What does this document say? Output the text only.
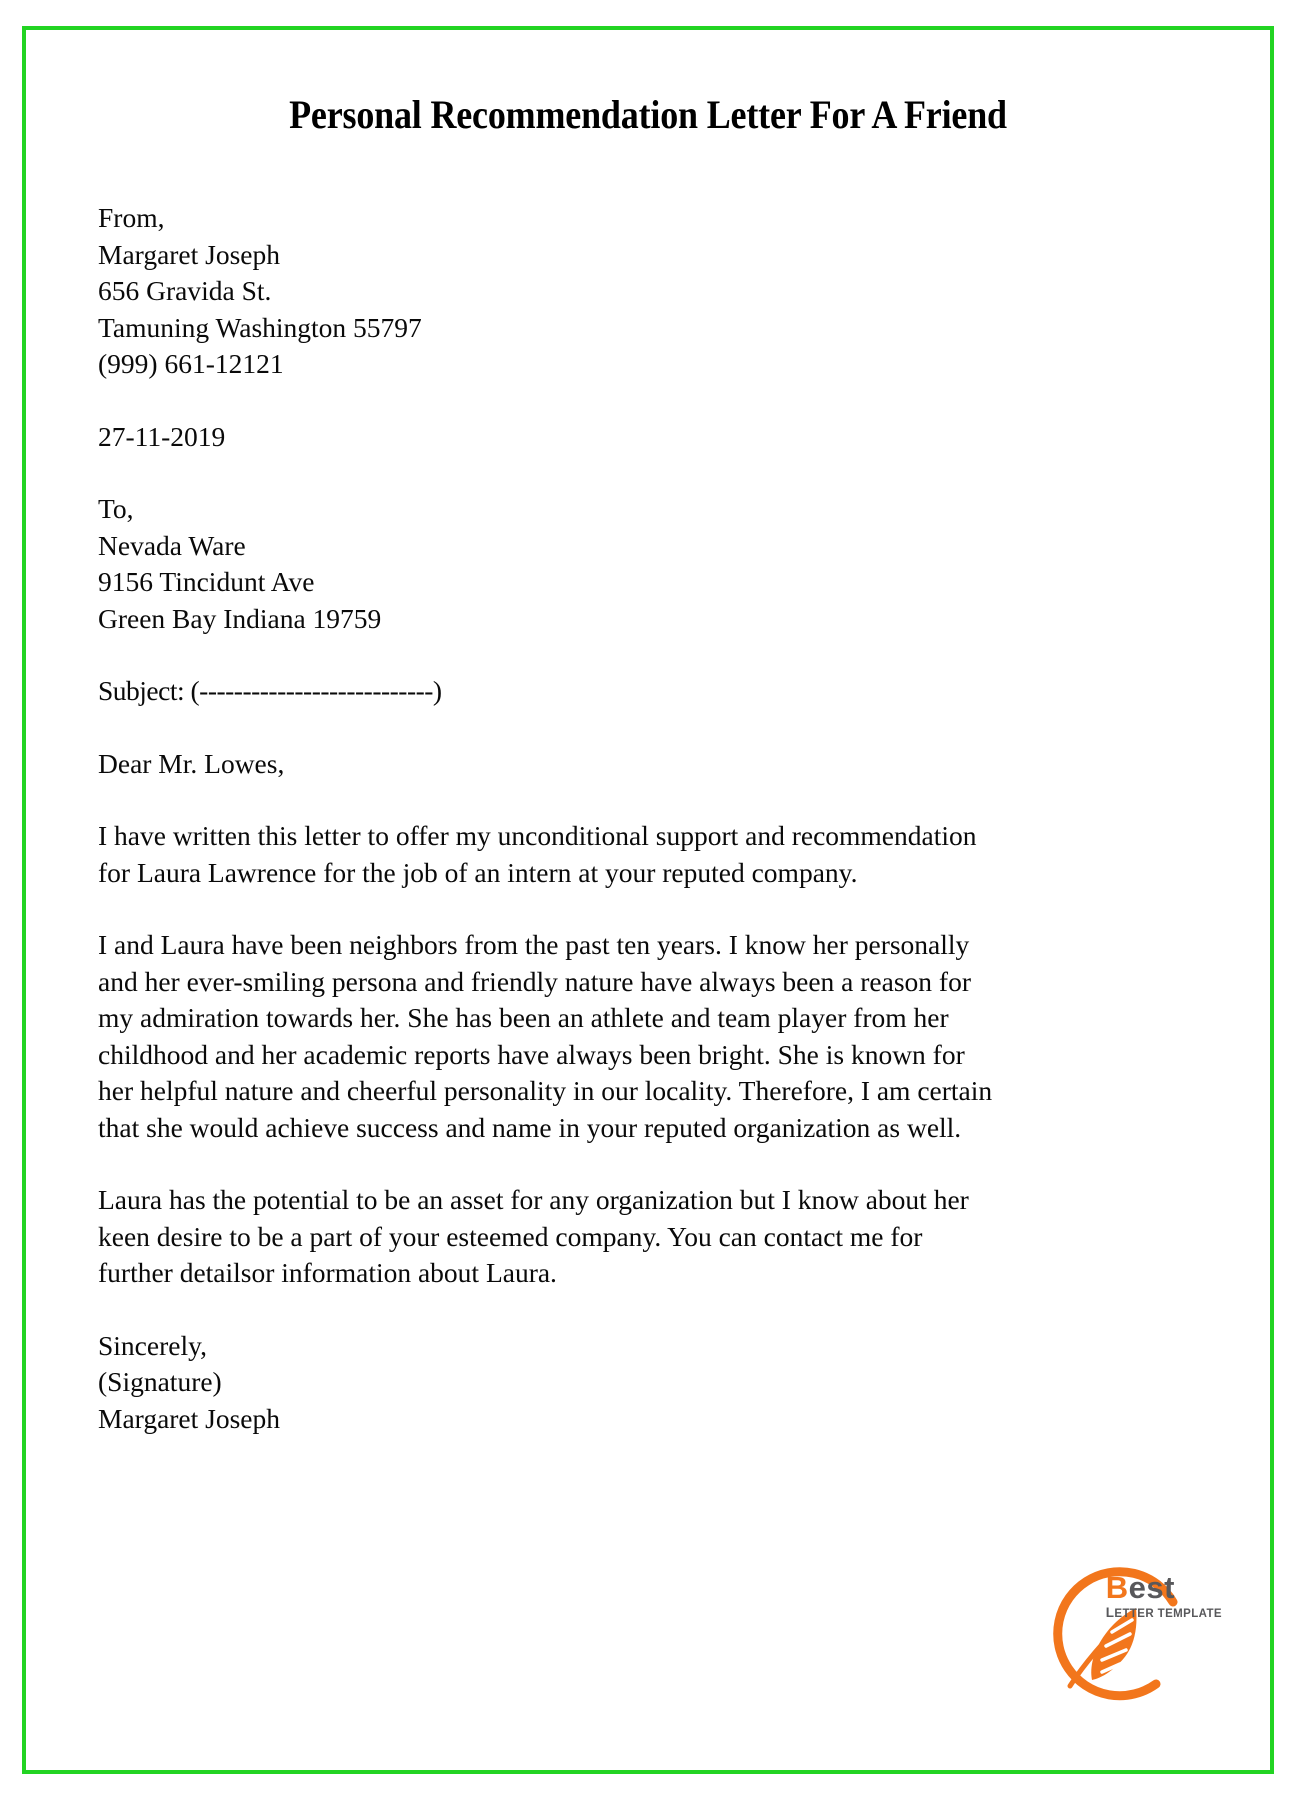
Personal Recommendation Letter For A Friend
From,
Margaret Joseph
656 Gravida St.
Tamuning Washington 55797
(999) 661-12121
27-11-2019
To,
Nevada Ware
9156 Tincidunt Ave
Green Bay Indiana 19759
Subject: (---------------------------)
Dear Mr. Lowes,
I have written this letter to offer my unconditional support and recommendation
for Laura Lawrence for the job of an intern at your reputed company.
I and Laura have been neighbors from the past ten years. I know her personally
and her ever-smiling persona and friendly nature have always been a reason for
my admiration towards her. She has been an athlete and team player from her
childhood and her academic reports have always been bright. She is known for
her helpful nature and cheerful personality in our locality. Therefore, I am certain
that she would achieve success and name in your reputed organization as well.
Laura has the potential to be an asset for any organization but I know about her
keen desire to be a part of your esteemed company. You can contact me for
further detailsor information about Laura.
Sincerely,
(Signature)
Margaret Joseph
Best
LETTER TEMPLATE
